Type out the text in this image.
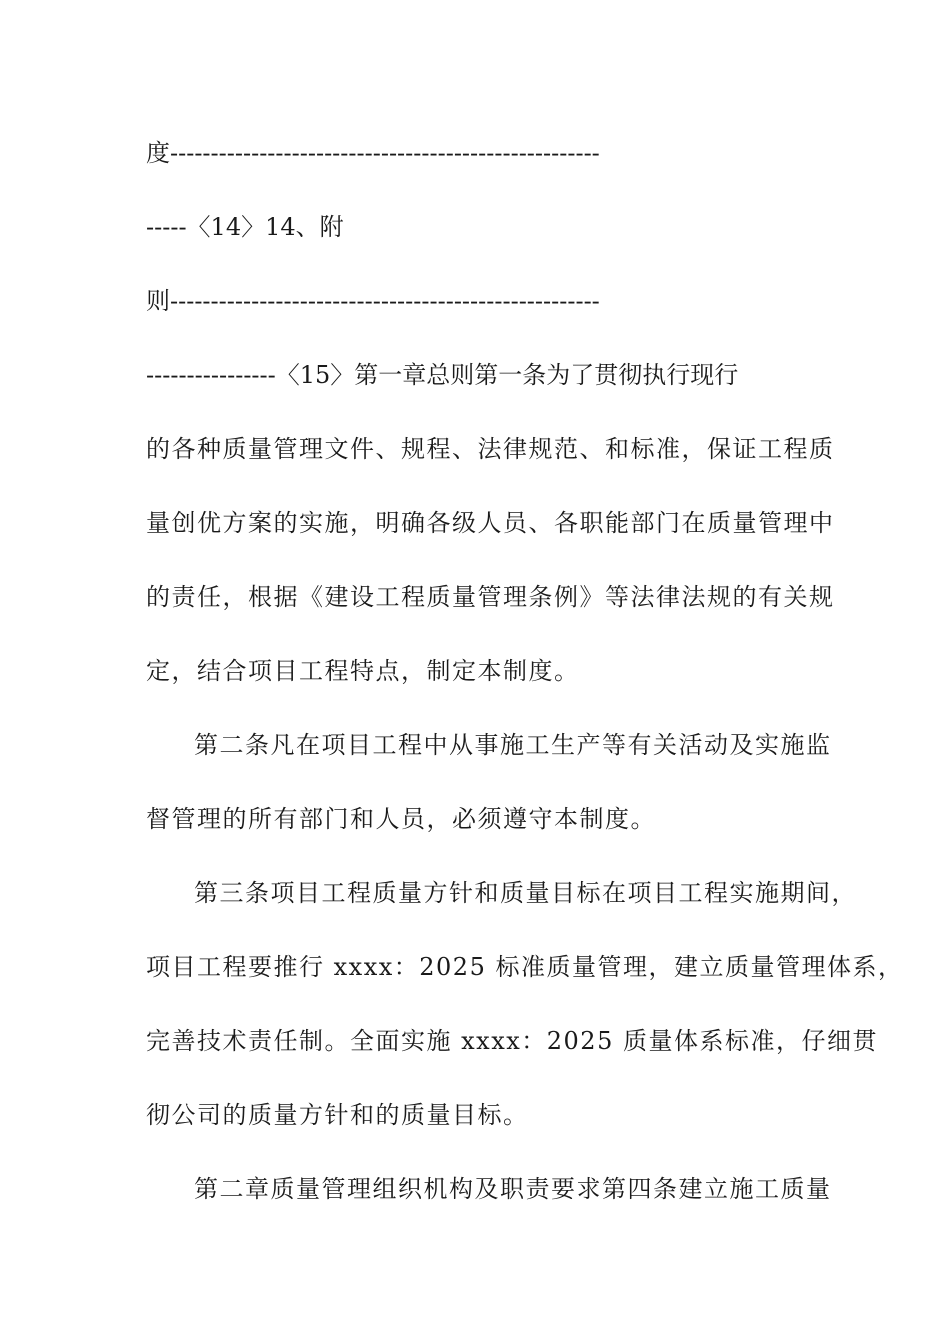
度-----------------------------------------------------
-----〈14〉14、附
则-----------------------------------------------------
----------------〈15〉第一章总则第一条为了贯彻执行现行
的各种质量管理文件、规程、法律规范、和标准，保证工程质
量创优方案的实施，明确各级人员、各职能部门在质量管理中
的责任，根据《建设工程质量管理条例》等法律法规的有关规
定，结合项目工程特点，制定本制度。
第二条凡在项目工程中从事施工生产等有关活动及实施监
督管理的所有部门和人员，必须遵守本制度。
第三条项目工程质量方针和质量目标在项目工程实施期间，
项目工程要推行 xxxx：2025 标准质量管理，建立质量管理体系，
完善技术责任制。全面实施 xxxx：2025 质量体系标准，仔细贯
彻公司的质量方针和的质量目标。
第二章质量管理组织机构及职责要求第四条建立施工质量
